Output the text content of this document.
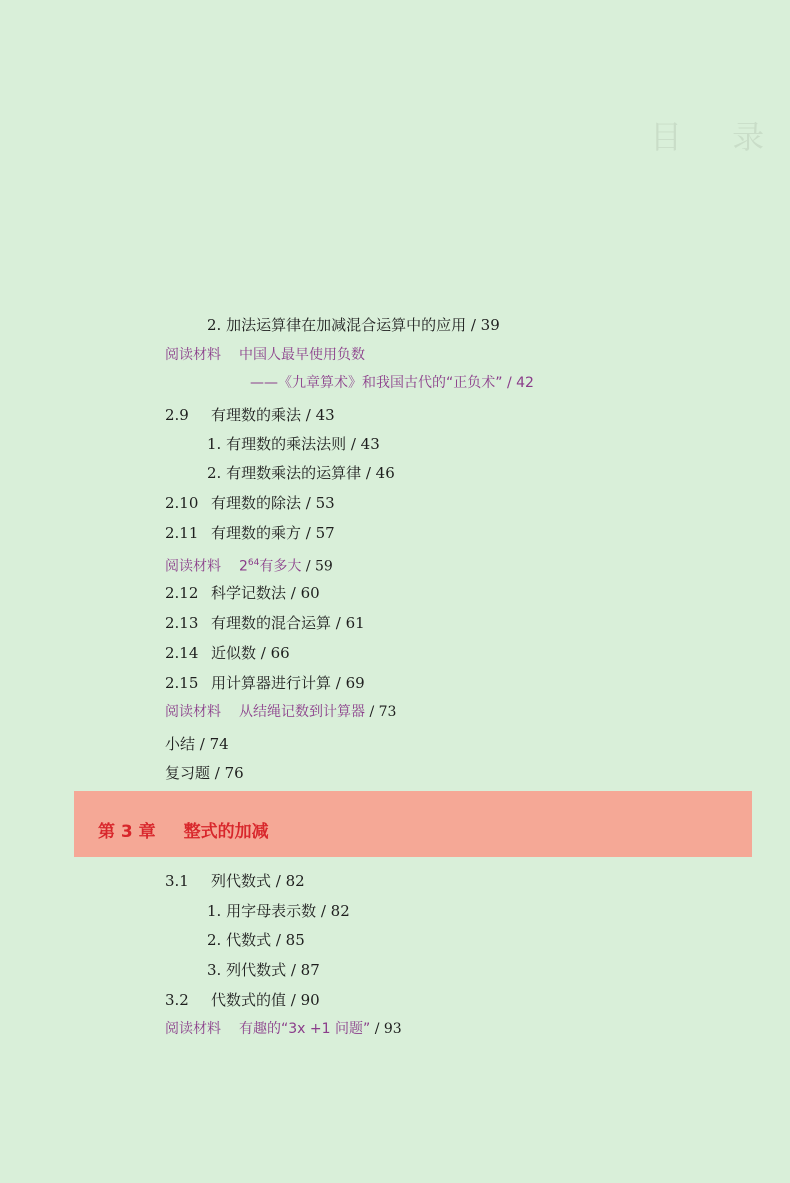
目 录
2. 加法运算律在加减混合运算中的应用 / 39
阅读材料 中国人最早使用负数
——《九章算术》和我国古代的“正负术” / 42
2.9 有理数的乘法 / 43
1. 有理数的乘法法则 / 43
2. 有理数乘法的运算律 / 46
2.10 有理数的除法 / 53
2.11 有理数的乘方 / 57
阅读材料 $2^{64}$有多大 / 59
2.12 科学记数法 / 60
2.13 有理数的混合运算 / 61
2.14 近似数 / 66
2.15 用计算器进行计算 / 69
阅读材料 从结绳记数到计算器 / 73
小结 / 74
复习题 / 76
第 3 章 整式的加减
3.1 列代数式 / 82
1. 用字母表示数 / 82
2. 代数式 / 85
3. 列代数式 / 87
3.2 代数式的值 / 90
阅读材料 有趣的“3x +1 问题” / 93
